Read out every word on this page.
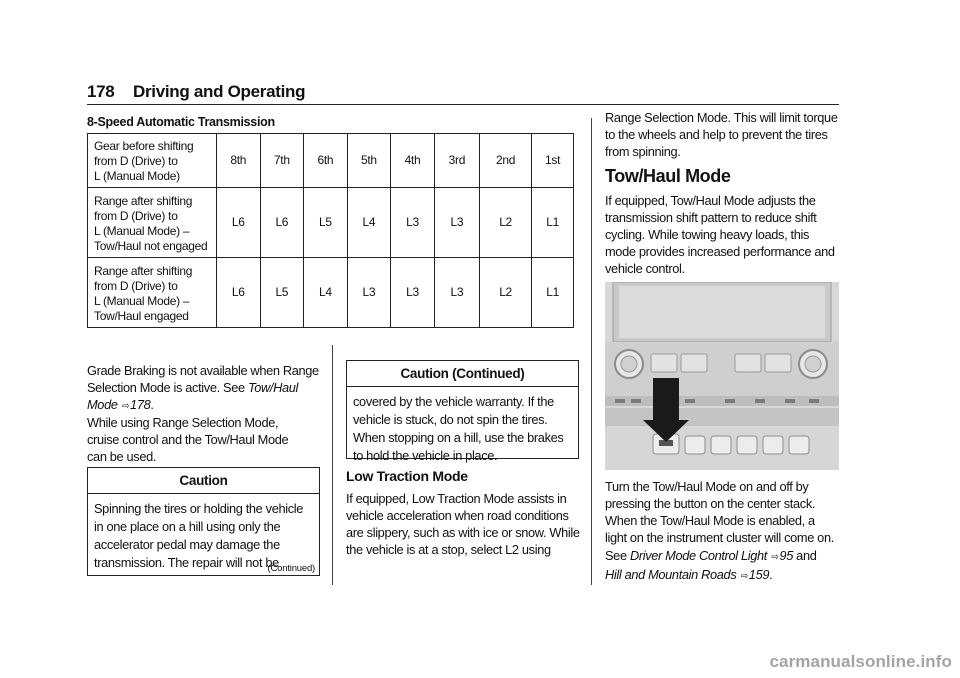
178 Driving and Operating
8-Speed Automatic Transmission
Gear before shifting
from D (Drive) to
L (Manual Mode)	8th	7th	6th	5th	4th	3rd	2nd	1st

Range after shifting
from D (Drive) to
L (Manual Mode) –
Tow/Haul not engaged	L6	L6	L5	L4	L3	L3	L2	L1

Range after shifting
from D (Drive) to
L (Manual Mode) –
Tow/Haul engaged	L6	L5	L4	L3	L3	L3	L2	L1
Grade Braking is not available when Range Selection Mode is active. See Tow/Haul Mode ⇨178.
While using Range Selection Mode, cruise control and the Tow/Haul Mode can be used.
Caution
Spinning the tires or holding the vehicle
in one place on a hill using only the
accelerator pedal may damage the
transmission. The repair will not be
(Continued)
Caution (Continued)
covered by the vehicle warranty. If the
vehicle is stuck, do not spin the tires.
When stopping on a hill, use the brakes
to hold the vehicle in place.
Low Traction Mode
If equipped, Low Traction Mode assists in
vehicle acceleration when road conditions
are slippery, such as with ice or snow. While
the vehicle is at a stop, select L2 using
Range Selection Mode. This will limit torque
to the wheels and help to prevent the tires
from spinning.
Tow/Haul Mode
If equipped, Tow/Haul Mode adjusts the
transmission shift pattern to reduce shift
cycling. While towing heavy loads, this
mode provides increased performance and
vehicle control.
Turn the Tow/Haul Mode on and off by
pressing the button on the center stack.
When the Tow/Haul Mode is enabled, a
light on the instrument cluster will come on.
See Driver Mode Control Light ⇨95 and
Hill and Mountain Roads ⇨159.
carmanualsonline.info
